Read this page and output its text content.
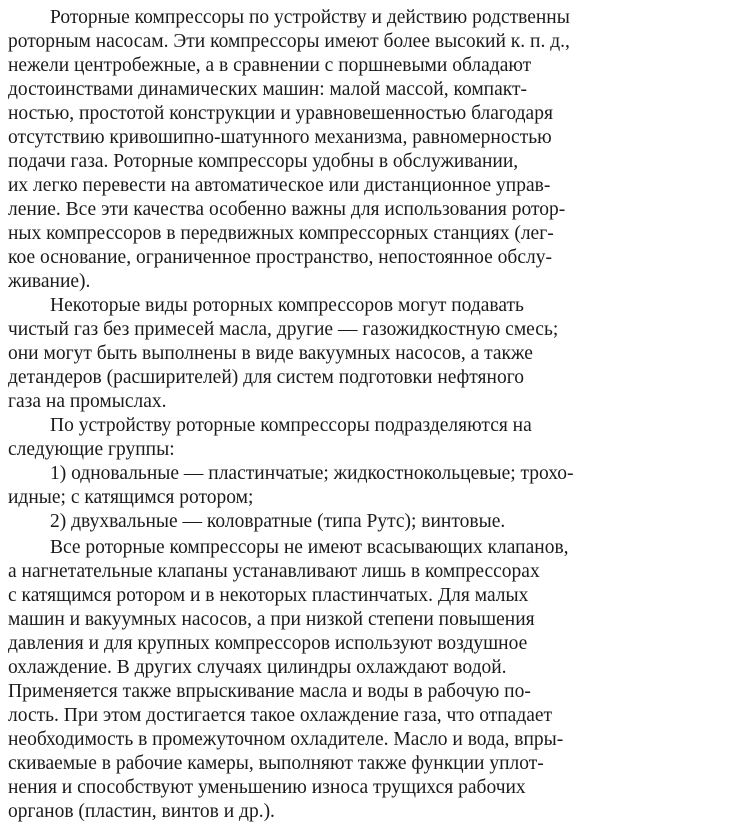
Роторные компрессоры по устройству и действию родственны
роторным насосам. Эти компрессоры имеют более высокий к. п. д.,
нежели центробежные, а в сравнении с поршневыми обладают
достоинствами динамических машин: малой массой, компакт-
ностью, простотой конструкции и уравновешенностью благодаря
отсутствию кривошипно-шатунного механизма, равномерностью
подачи газа. Роторные компрессоры удобны в обслуживании,
их легко перевести на автоматическое или дистанционное управ-
ление. Все эти качества особенно важны для использования ротор-
ных компрессоров в передвижных компрессорных станциях (лег-
кое основание, ограниченное пространство, непостоянное обслу-
живание).
Некоторые виды роторных компрессоров могут подавать
чистый газ без примесей масла, другие — газожидкостную смесь;
они могут быть выполнены в виде вакуумных насосов, а также
детандеров (расширителей) для систем подготовки нефтяного
газа на промыслах.
По устройству роторные компрессоры подразделяются на
следующие группы:
1) одновальные — пластинчатые; жидкостнокольцевые; трохо-
идные; с катящимся ротором;
2) двухвальные — коловратные (типа Рутс); винтовые.
Все роторные компрессоры не имеют всасывающих клапанов,
а нагнетательные клапаны устанавливают лишь в компрессорах
с катящимся ротором и в некоторых пластинчатых. Для малых
машин и вакуумных насосов, а при низкой степени повышения
давления и для крупных компрессоров используют воздушное
охлаждение. В других случаях цилиндры охлаждают водой.
Применяется также впрыскивание масла и воды в рабочую по-
лость. При этом достигается такое охлаждение газа, что отпадает
необходимость в промежуточном охладителе. Масло и вода, впры-
скиваемые в рабочие камеры, выполняют также функции уплот-
нения и способствуют уменьшению износа трущихся рабочих
органов (пластин, винтов и др.).
